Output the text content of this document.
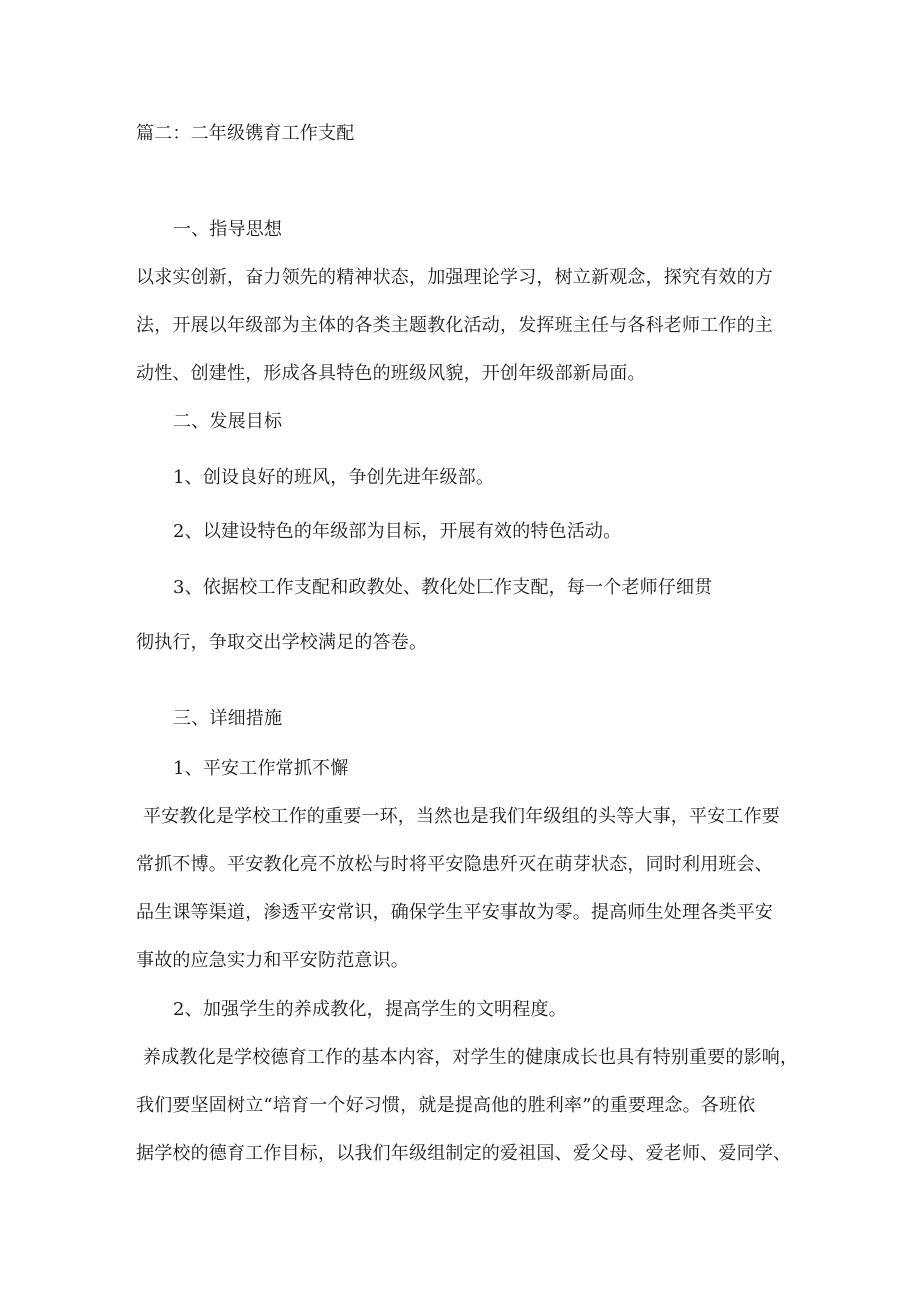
篇二：二年级镌育工作支配
一、指导思想
以求实创新，奋力领先的精神状态，加强理论学习，树立新观念，探究有效的方
法，开展以年级部为主体的各类主题教化活动，发挥班主任与各科老师工作的主
动性、创建性，形成各具特色的班级风貌，开创年级部新局面。
二、发展目标
1、创设良好的班风，争创先进年级部。
2、以建设特色的年级部为目标，开展有效的特色活动。
3、依据校工作支配和政教处、教化处匚作支配，每一个老师仔细贯
彻执行，争取交出学校满足的答卷。
三、详细措施
1、平安工作常抓不懈
平安教化是学校工作的重要一环，当然也是我们年级组的头等大事，平安工作要
常抓不博。平安教化亮不放松与时将平安隐患歼灭在萌芽状态，同时利用班会、
品生课等渠道，渗透平安常识，确保学生平安事故为零。提高师生处理各类平安
事故的应急实力和平安防范意识。
2、加强学生的养成教化，提高学生的文明程度。
养成教化是学校德育工作的基本内容，对学生的健康成长也具有特别重要的影响，
我们要坚固树立“培育一个好习惯，就是提高他的胜利率”的重要理念。各班依
据学校的德育工作目标，以我们年级组制定的爱祖国、爱父母、爱老师、爱同学、
